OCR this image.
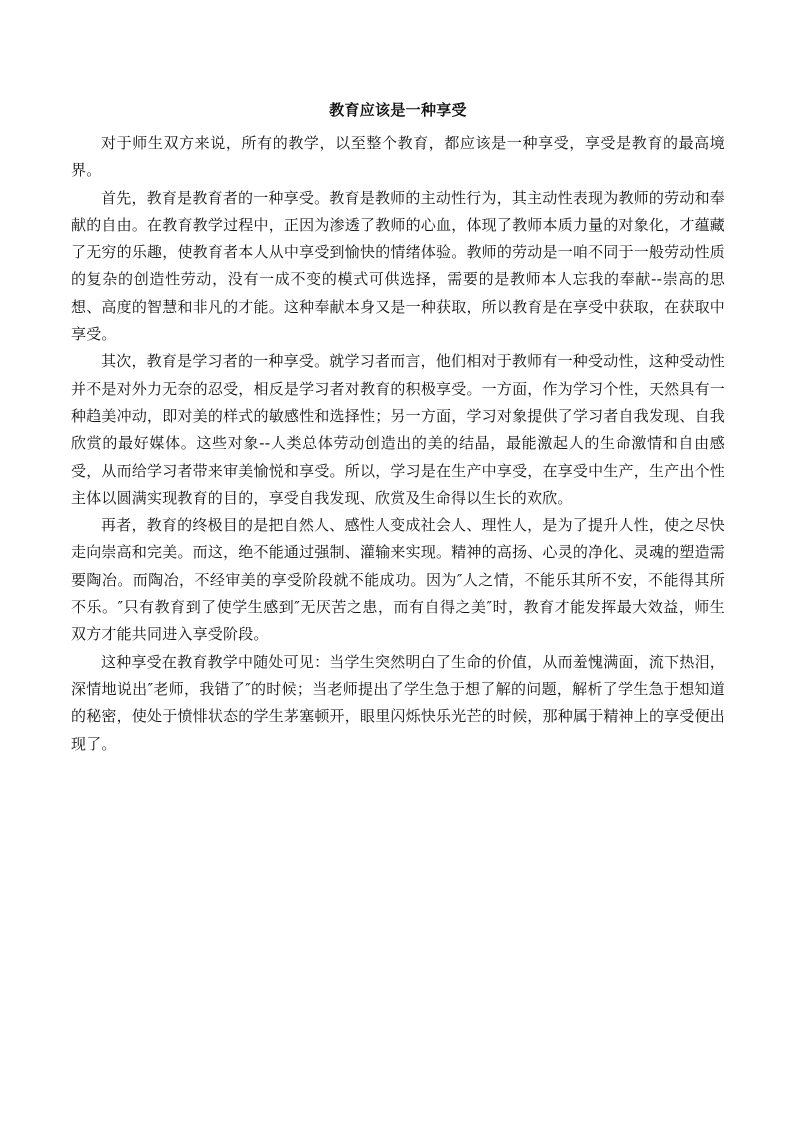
教育应该是一种享受

对于师生双方来说，所有的教学，以至整个教育，都应该是一种享受，享受是教育的最高境界。

首先，教育是教育者的一种享受。教育是教师的主动性行为，其主动性表现为教师的劳动和奉献的自由。在教育教学过程中，正因为渗透了教师的心血，体现了教师本质力量的对象化，才蕴藏了无穷的乐趣，使教育者本人从中享受到愉快的情绪体验。教师的劳动是一咱不同于一般劳动性质的复杂的创造性劳动，没有一成不变的模式可供选择，需要的是教师本人忘我的奉献--崇高的思想、高度的智慧和非凡的才能。这种奉献本身又是一种获取，所以教育是在享受中获取，在获取中享受。

其次，教育是学习者的一种享受。就学习者而言，他们相对于教师有一种受动性，这种受动性并不是对外力无奈的忍受，相反是学习者对教育的积极享受。一方面，作为学习个性，天然具有一种趋美冲动，即对美的样式的敏感性和选择性；另一方面，学习对象提供了学习者自我发现、自我欣赏的最好媒体。这些对象--人类总体劳动创造出的美的结晶，最能激起人的生命激情和自由感受，从而给学习者带来审美愉悦和享受。所以，学习是在生产中享受，在享受中生产，生产出个性主体以圆满实现教育的目的，享受自我发现、欣赏及生命得以生长的欢欣。

再者，教育的终极目的是把自然人、感性人变成社会人、理性人，是为了提升人性，使之尽快走向崇高和完美。而这，绝不能通过强制、灌输来实现。精神的高扬、心灵的净化、灵魂的塑造需要陶冶。而陶冶，不经审美的享受阶段就不能成功。因为″人之情，不能乐其所不安，不能得其所不乐。″只有教育到了使学生感到″无厌苦之患，而有自得之美″时，教育才能发挥最大效益，师生双方才能共同进入享受阶段。

这种享受在教育教学中随处可见：当学生突然明白了生命的价值，从而羞愧满面，流下热泪，深情地说出″老师，我错了″的时候；当老师提出了学生急于想了解的问题，解析了学生急于想知道的秘密，使处于愤悱状态的学生茅塞顿开，眼里闪烁快乐光芒的时候，那种属于精神上的享受便出现了。
